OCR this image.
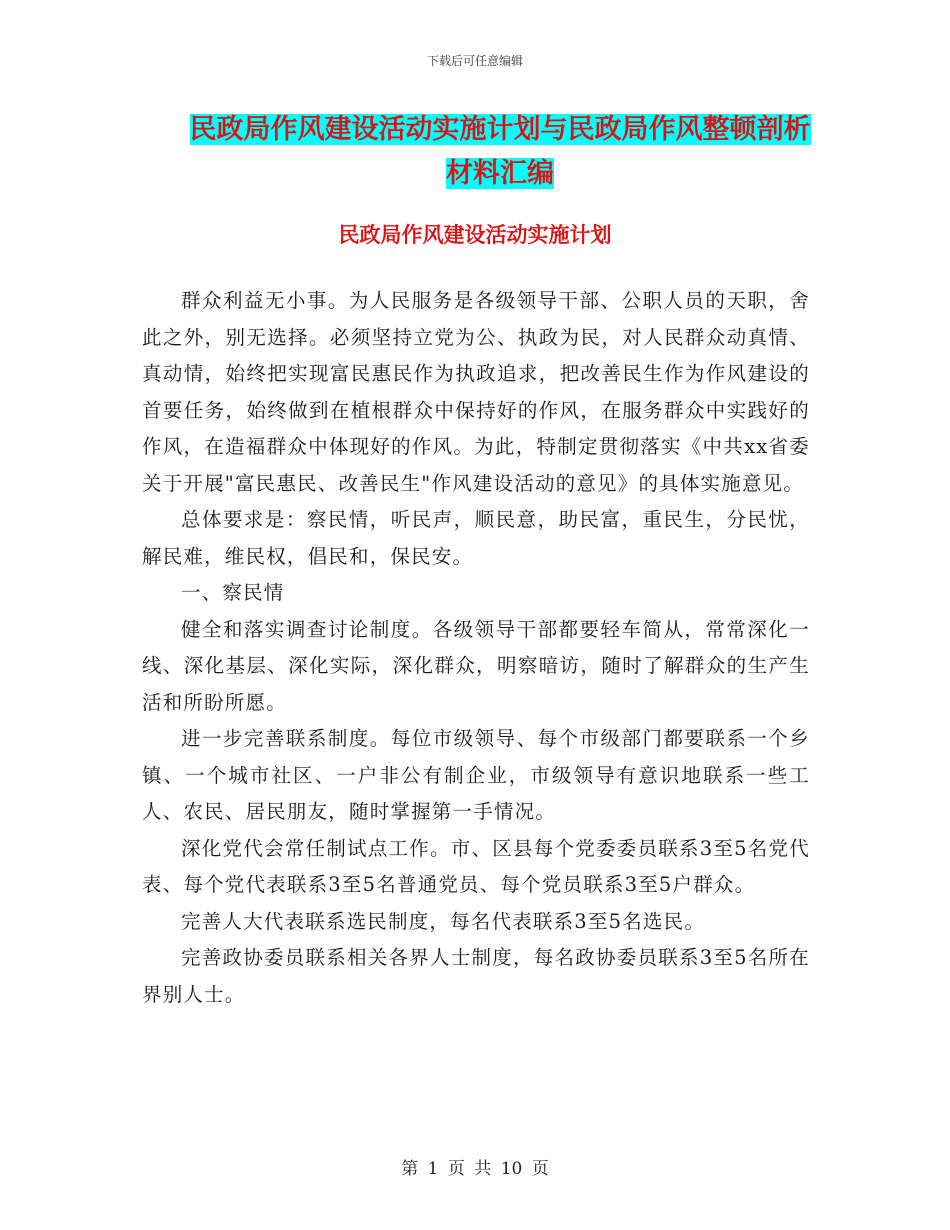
下载后可任意编辑
民政局作风建设活动实施计划与民政局作风整顿剖析
材料汇编
民政局作风建设活动实施计划

群众利益无小事。为人民服务是各级领导干部、公职人员的天职，舍此之外，别无选择。必须坚持立党为公、执政为民，对人民群众动真情、真动情，始终把实现富民惠民作为执政追求，把改善民生作为作风建设的首要任务，始终做到在植根群众中保持好的作风，在服务群众中实践好的作风，在造福群众中体现好的作风。为此，特制定贯彻落实《中共xx省委关于开展"富民惠民、改善民生"作风建设活动的意见》的具体实施意见。

总体要求是：察民情，听民声，顺民意，助民富，重民生，分民忧，解民难，维民权，倡民和，保民安。

一、察民情

健全和落实调查讨论制度。各级领导干部都要轻车简从，常常深化一线、深化基层、深化实际，深化群众，明察暗访，随时了解群众的生产生活和所盼所愿。

进一步完善联系制度。每位市级领导、每个市级部门都要联系一个乡镇、一个城市社区、一户非公有制企业，市级领导有意识地联系一些工人、农民、居民朋友，随时掌握第一手情况。

深化党代会常任制试点工作。市、区县每个党委委员联系3至5名党代表、每个党代表联系3至5名普通党员、每个党员联系3至5户群众。

完善人大代表联系选民制度，每名代表联系3至5名选民。

完善政协委员联系相关各界人士制度，每名政协委员联系3至5名所在界别人士。

第 1 页 共 10 页
